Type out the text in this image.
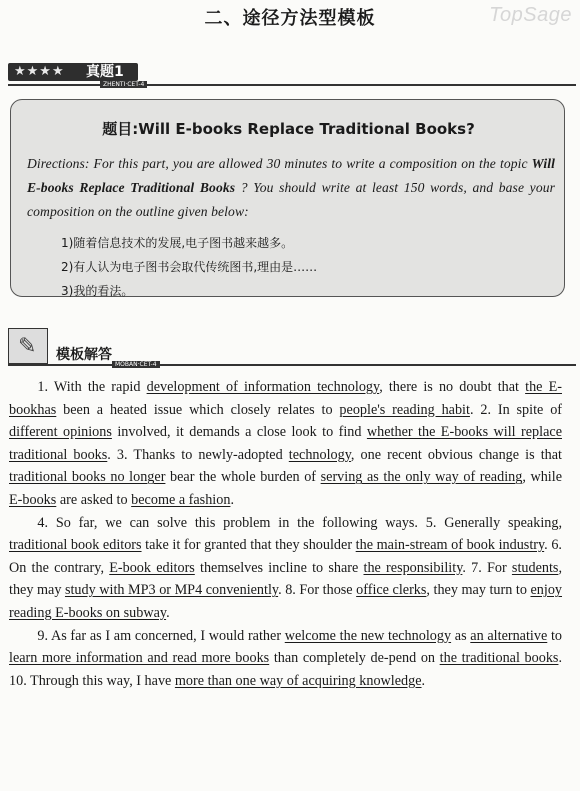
TopSage
二、途径方法型模板
★★★★ 真题1
ZHENTI·CET-4
题目:Will E-books Replace Traditional Books?
Directions: For this part, you are allowed 30 minutes to write a composition on the topic Will E-books Replace Traditional Books ? You should write at least 150 words, and base your composition on the outline given below:
1)随着信息技术的发展,电子图书越来越多。
2)有人认为电子图书会取代传统图书,理由是……
3)我的看法。
✎ 模板解答
MOBAN·CET-4

1. With the rapid development of information technology, there is no doubt that the E-bookhas been a heated issue which closely relates to people's reading habit. 2. In spite of different opinions involved, it demands a close look to find whether the E-books will replace traditional books. 3. Thanks to newly-adopted technology, one recent obvious change is that traditional books no longer bear the whole burden of serving as the only way of reading, while E-books are asked to become a fashion.

4. So far, we can solve this problem in the following ways. 5. Generally speaking, traditional book editors take it for granted that they shoulder the main-stream of book industry. 6. On the contrary, E-book editors themselves incline to share the responsibility. 7. For students, they may study with MP3 or MP4 conveniently. 8. For those office clerks, they may turn to enjoy reading E-books on subway.

9. As far as I am concerned, I would rather welcome the new technology as an alternative to learn more information and read more books than completely de-pend on the traditional books. 10. Through this way, I have more than one way of acquiring knowledge.
